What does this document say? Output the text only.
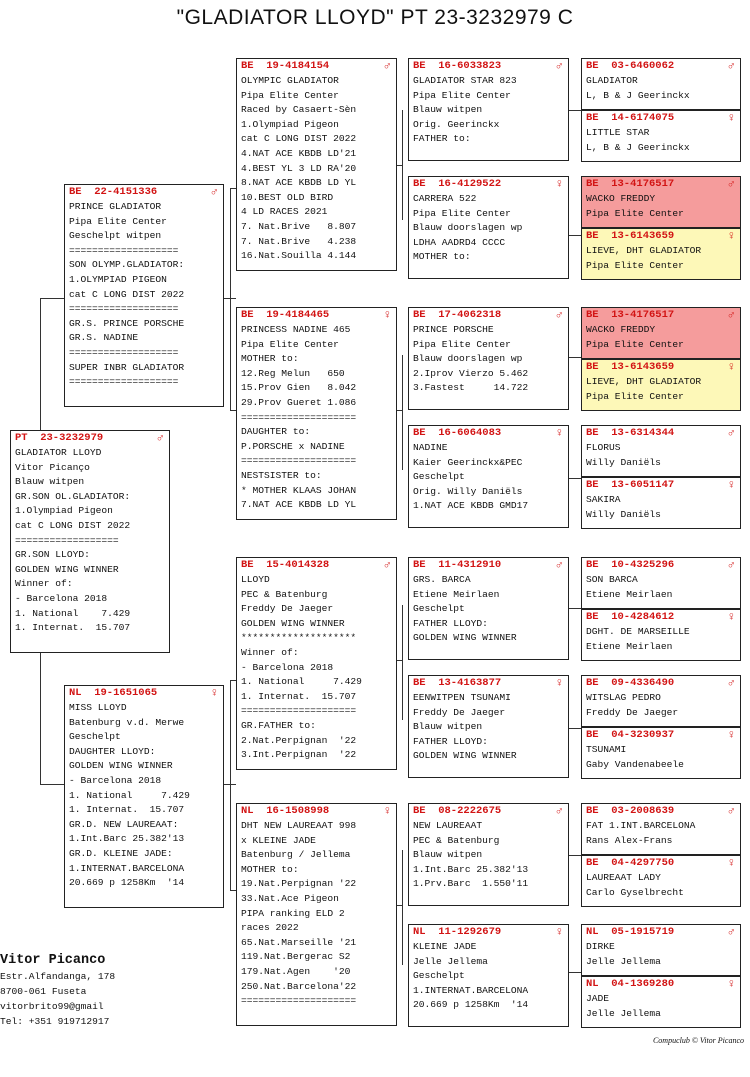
"GLADIATOR LLOYD" PT 23-3232979 C
PT  23-3232979	♂
GLADIATOR LLOYD
Vitor Picanço
Blauw witpen
GR.SON OL.GLADIATOR:
1.Olympiad Pigeon
cat C LONG DIST 2022
==================
GR.SON LLOYD:
GOLDEN WING WINNER
Winner of:
- Barcelona 2018
1. National    7.429
1. Internat.  15.707
BE  22-4151336	♂
PRINCE GLADIATOR
Pipa Elite Center
Geschelpt witpen
===================
SON OLYMP.GLADIATOR:
1.OLYMPIAD PIGEON
cat C LONG DIST 2022
===================
GR.S. PRINCE PORSCHE
GR.S. NADINE
===================
SUPER INBR GLADIATOR
===================
NL  19-1651065	♀
MISS LLOYD
Batenburg v.d. Merwe
Geschelpt
DAUGHTER LLOYD:
GOLDEN WING WINNER
- Barcelona 2018
1. National     7.429
1. Internat.  15.707
GR.D. NEW LAUREAAT:
1.Int.Barc 25.382'13
GR.D. KLEINE JADE:
1.INTERNAT.BARCELONA
20.669 p 1258Km  '14
BE  19-4184154	♂
OLYMPIC GLADIATOR
Pipa Elite Center
Raced by Casaert-Sèn
1.Olympiad Pigeon
cat C LONG DIST 2022
4.NAT ACE KBDB LD'21
4.BEST YL 3 LD RA'20
8.NAT ACE KBDB LD YL
10.BEST OLD BIRD
4 LD RACES 2021
7. Nat.Brive   8.807
7. Nat.Brive   4.238
16.Nat.Souilla 4.144
BE  19-4184465	♀
PRINCESS NADINE 465
Pipa Elite Center
MOTHER to:
12.Reg Melun   650
15.Prov Gien   8.042
29.Prov Gueret 1.086
====================
DAUGHTER to:
P.PORSCHE x NADINE
====================
NESTSISTER to:
* MOTHER KLAAS JOHAN
7.NAT ACE KBDB LD YL
BE  15-4014328	♂
LLOYD
PEC & Batenburg
Freddy De Jaeger
GOLDEN WING WINNER
********************
Winner of:
- Barcelona 2018
1. National     7.429
1. Internat.  15.707
====================
GR.FATHER to:
2.Nat.Perpignan  '22
3.Int.Perpignan  '22
NL  16-1508998	♀
DHT NEW LAUREAAT 998
x KLEINE JADE
Batenburg / Jellema
MOTHER to:
19.Nat.Perpignan '22
33.Nat.Ace Pigeon
PIPA ranking ELD 2
races 2022
65.Nat.Marseille '21
119.Nat.Bergerac S2
179.Nat.Agen    '20
250.Nat.Barcelona'22
====================
BE  16-6033823	♂
GLADIATOR STAR 823
Pipa Elite Center
Blauw witpen
Orig. Geerinckx
FATHER to:
BE  16-4129522	♀
CARRERA 522
Pipa Elite Center
Blauw doorslagen wp
LDHA AADRD4 CCCC
MOTHER to:
BE  17-4062318	♂
PRINCE PORSCHE
Pipa Elite Center
Blauw doorslagen wp
2.Iprov Vierzo 5.462
3.Fastest     14.722
BE  16-6064083	♀
NADINE
Kaier Geerinckx&PEC
Geschelpt
Orig. Willy Daniëls
1.NAT ACE KBDB GMD17
BE  11-4312910	♂
GRS. BARCA
Etiene Meirlaen
Geschelpt
FATHER LLOYD:
GOLDEN WING WINNER
BE  13-4163877	♀
EENWITPEN TSUNAMI
Freddy De Jaeger
Blauw witpen
FATHER LLOYD:
GOLDEN WING WINNER
BE  08-2222675	♂
NEW LAUREAAT
PEC & Batenburg
Blauw witpen
1.Int.Barc 25.382'13
1.Prv.Barc  1.550'11
NL  11-1292679	♀
KLEINE JADE
Jelle Jellema
Geschelpt
1.INTERNAT.BARCELONA
20.669 p 1258Km  '14
BE  03-6460062	♂
GLADIATOR
L, B & J Geerinckx
BE  14-6174075	♀
LITTLE STAR
L, B & J Geerinckx
BE  13-4176517	♂
WACKO FREDDY
Pipa Elite Center
BE  13-6143659	♀
LIEVE, DHT GLADIATOR
Pipa Elite Center
BE  13-4176517	♂
WACKO FREDDY
Pipa Elite Center
BE  13-6143659	♀
LIEVE, DHT GLADIATOR
Pipa Elite Center
BE  13-6314344	♂
FLORUS
Willy Daniëls
BE  13-6051147	♀
SAKIRA
Willy Daniëls
BE  10-4325296	♂
SON BARCA
Etiene Meirlaen
BE  10-4284612	♀
DGHT. DE MARSEILLE
Etiene Meirlaen
BE  09-4336490	♂
WITSLAG PEDRO
Freddy De Jaeger
BE  04-3230937	♀
TSUNAMI
Gaby Vandenabeele
BE  03-2008639	♂
FAT 1.INT.BARCELONA
Rans Alex-Frans
BE  04-4297750	♀
LAUREAAT LADY
Carlo Gyselbrecht
NL  05-1915719	♂
DIRKE
Jelle Jellema
NL  04-1369280	♀
JADE
Jelle Jellema
Vitor Picanco
Estr.Alfandanga, 178
8700-061 Fuseta
vitorbrito99@gmail
Tel: +351 919712917
Compuclub © Vitor Picanco
